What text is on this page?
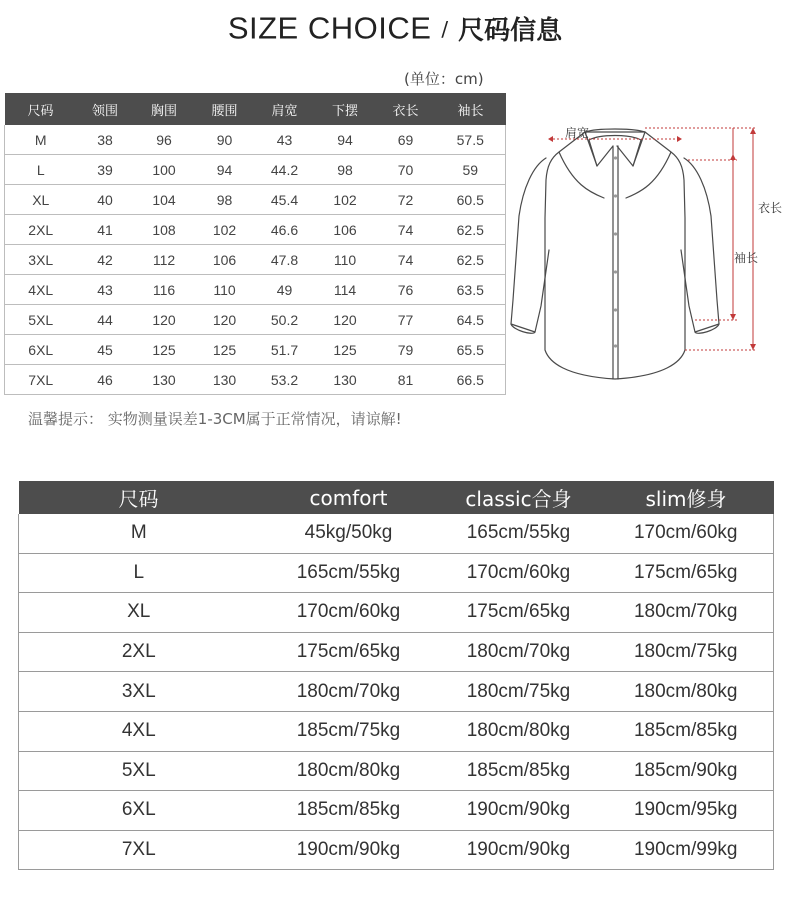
SIZE CHOICE / 尺码信息
(单位：cm)
尺码	领围	胸围	腰围	肩宽	下摆	衣长	袖长
M	38	96	90	43	94	69	57.5
L	39	100	94	44.2	98	70	59
XL	40	104	98	45.4	102	72	60.5
2XL	41	108	102	46.6	106	74	62.5
3XL	42	112	106	47.8	110	74	62.5
4XL	43	116	110	49	114	76	63.5
5XL	44	120	120	50.2	120	77	64.5
6XL	45	125	125	51.7	125	79	65.5
7XL	46	130	130	53.2	130	81	66.5
温馨提示： 实物测量误差1-3CM属于正常情况，请谅解!
肩宽
袖长
衣长
尺码	comfort	classic合身	slim修身
M	45kg/50kg	165cm/55kg	170cm/60kg
L	165cm/55kg	170cm/60kg	175cm/65kg
XL	170cm/60kg	175cm/65kg	180cm/70kg
2XL	175cm/65kg	180cm/70kg	180cm/75kg
3XL	180cm/70kg	180cm/75kg	180cm/80kg
4XL	185cm/75kg	180cm/80kg	185cm/85kg
5XL	180cm/80kg	185cm/85kg	185cm/90kg
6XL	185cm/85kg	190cm/90kg	190cm/95kg
7XL	190cm/90kg	190cm/90kg	190cm/99kg
